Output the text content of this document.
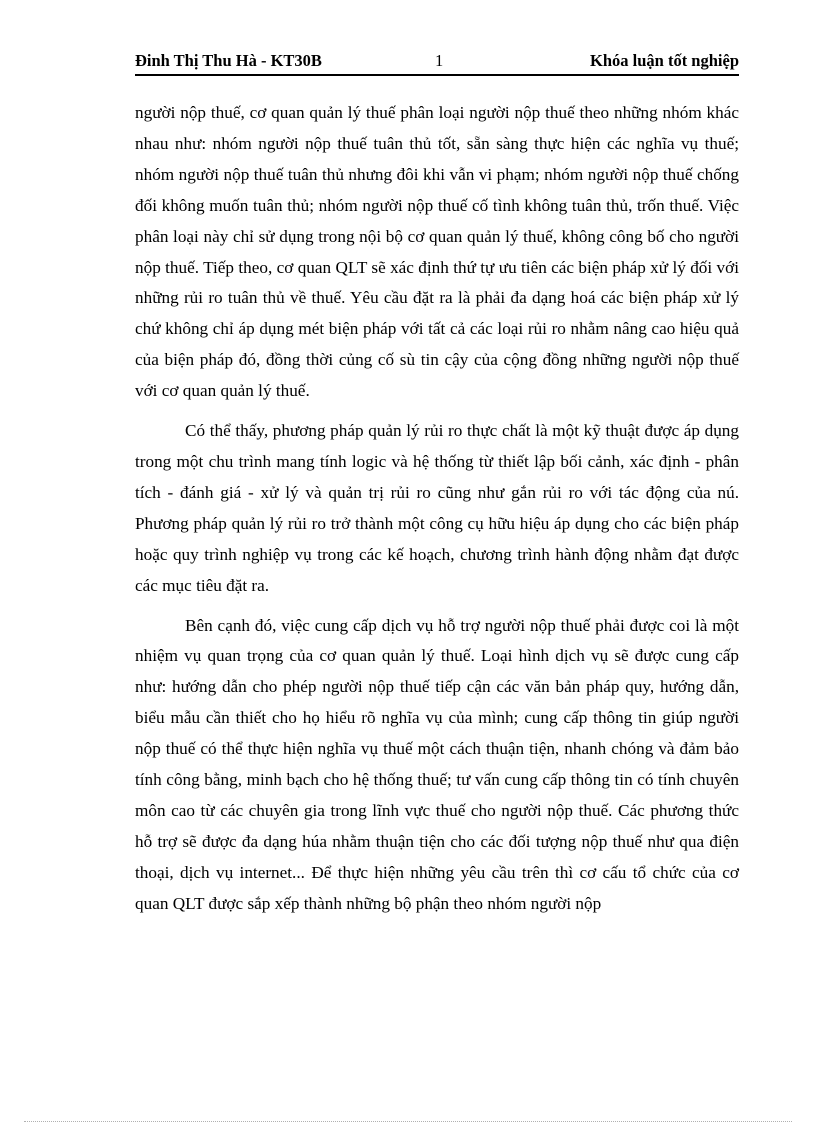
Đinh Thị Thu Hà - KT30B	1	Khóa luận tốt nghiệp

người nộp thuế, cơ quan quản lý thuế phân loại người nộp thuế theo những nhóm khác nhau như: nhóm người nộp thuế tuân thủ tốt, sẵn sàng thực hiện các nghĩa vụ thuế; nhóm người nộp thuế tuân thủ nhưng đôi khi vẫn vi phạm; nhóm người nộp thuế chống đối không muốn tuân thủ; nhóm người nộp thuế cố tình không tuân thủ, trốn thuế. Việc phân loại này chỉ sử dụng trong nội bộ cơ quan quản lý thuế, không công bố cho người nộp thuế. Tiếp theo, cơ quan QLT sẽ xác định thứ tự ưu tiên các biện pháp xử lý đối với những rủi ro tuân thủ về thuế. Yêu cầu đặt ra là phải đa dạng hoá các biện pháp xử lý chứ không chỉ áp dụng mét biện pháp với tất cả các loại rủi ro nhằm nâng cao hiệu quả của biện pháp đó, đồng thời củng cố sù tin cậy của cộng đồng những người nộp thuế với cơ quan quản lý thuế.

Có thể thấy, phương pháp quản lý rủi ro thực chất là một kỹ thuật được áp dụng trong một chu trình mang tính logic và hệ thống từ thiết lập bối cảnh, xác định - phân tích - đánh giá - xử lý và quản trị rủi ro cũng như gắn rủi ro với tác động của nú. Phương pháp quản lý rủi ro trở thành một công cụ hữu hiệu áp dụng cho các biện pháp hoặc quy trình nghiệp vụ trong các kế hoạch, chương trình hành động nhằm đạt được các mục tiêu đặt ra.

Bên cạnh đó, việc cung cấp dịch vụ hỗ trợ người nộp thuế phải được coi là một nhiệm vụ quan trọng của cơ quan quản lý thuế. Loại hình dịch vụ sẽ được cung cấp như: hướng dẫn cho phép người nộp thuế tiếp cận các văn bản pháp quy, hướng dẫn, biểu mẫu cần thiết cho họ hiểu rõ nghĩa vụ của mình; cung cấp thông tin giúp người nộp thuế có thể thực hiện nghĩa vụ thuế một cách thuận tiện, nhanh chóng và đảm bảo tính công bằng, minh bạch cho hệ thống thuế; tư vấn cung cấp thông tin có tính chuyên môn cao từ các chuyên gia trong lĩnh vực thuế cho người nộp thuế. Các phương thức hỗ trợ sẽ được đa dạng húa nhằm thuận tiện cho các đối tượng nộp thuế như qua điện thoại, dịch vụ internet... Để thực hiện những yêu cầu trên thì cơ cấu tổ chức của cơ quan QLT được sắp xếp thành những bộ phận theo nhóm người nộp
